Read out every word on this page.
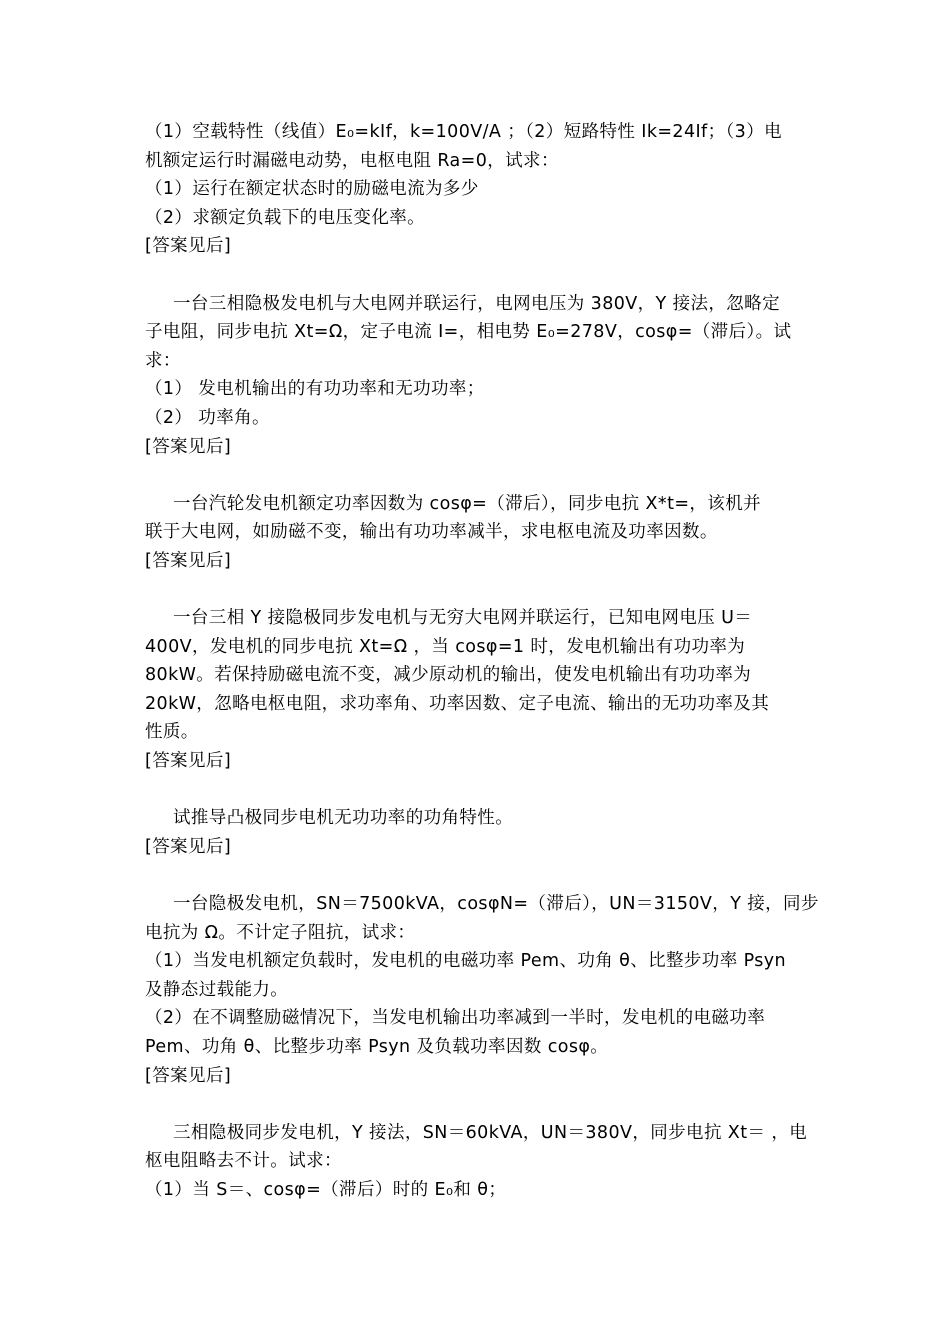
（1）空载特性（线值）E₀=kIf，k=100V/A ；（2）短路特性 Ik=24If；（3）电
机额定运行时漏磁电动势，电枢电阻 Ra=0，试求：
（1）运行在额定状态时的励磁电流为多少
（2）求额定负载下的电压变化率。
[答案见后]
一台三相隐极发电机与大电网并联运行，电网电压为 380V，Y 接法，忽略定
子电阻，同步电抗 Xt=Ω，定子电流 I=，相电势 E₀=278V，cosφ=（滞后）。试
求：
（1） 发电机输出的有功功率和无功功率；
（2） 功率角。
[答案见后]
一台汽轮发电机额定功率因数为 cosφ=（滞后），同步电抗 X*t=，该机并
联于大电网，如励磁不变，输出有功功率减半，求电枢电流及功率因数。
[答案见后]
一台三相 Y 接隐极同步发电机与无穷大电网并联运行，已知电网电压 U＝
400V，发电机的同步电抗 Xt=Ω ，当 cosφ=1 时，发电机输出有功功率为
80kW。若保持励磁电流不变，减少原动机的输出，使发电机输出有功功率为
20kW，忽略电枢电阻，求功率角、功率因数、定子电流、输出的无功功率及其
性质。
[答案见后]
试推导凸极同步电机无功功率的功角特性。
[答案见后]
一台隐极发电机，SN＝7500kVA，cosφN=（滞后），UN＝3150V，Y 接，同步
电抗为 Ω。不计定子阻抗，试求：
（1）当发电机额定负载时，发电机的电磁功率 Pem、功角 θ、比整步功率 Psyn
及静态过载能力。
（2）在不调整励磁情况下，当发电机输出功率减到一半时，发电机的电磁功率
Pem、功角 θ、比整步功率 Psyn 及负载功率因数 cosφ。
[答案见后]
三相隐极同步发电机，Y 接法，SN＝60kVA，UN＝380V，同步电抗 Xt＝ ，电
枢电阻略去不计。试求：
（1）当 S＝、cosφ=（滞后）时的 E₀和 θ；
